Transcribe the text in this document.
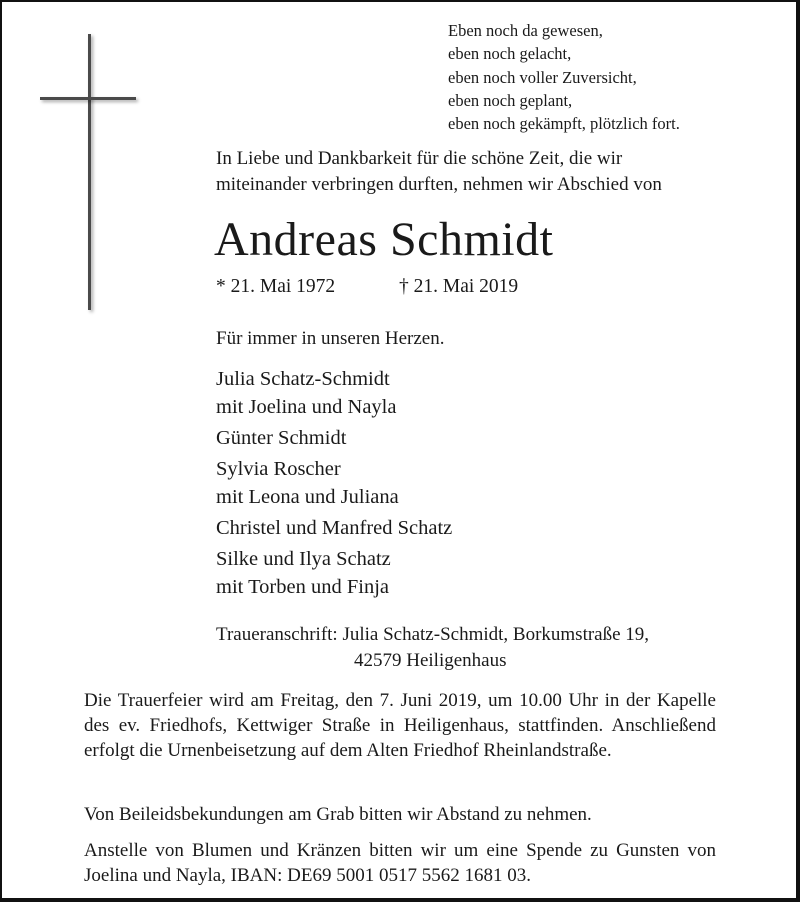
Eben noch da gewesen,
eben noch gelacht,
eben noch voller Zuversicht,
eben noch geplant,
eben noch gekämpft, plötzlich fort.
In Liebe und Dankbarkeit für die schöne Zeit, die wir
miteinander verbringen durften, nehmen wir Abschied von
Andreas Schmidt
* 21. Mai 1972	† 21. Mai 2019
Für immer in unseren Herzen.
Julia Schatz-Schmidt
mit Joelina und Nayla
Günter Schmidt
Sylvia Roscher
mit Leona und Juliana
Christel und Manfred Schatz
Silke und Ilya Schatz
mit Torben und Finja
Traueranschrift: Julia Schatz-Schmidt, Borkumstraße 19,
42579 Heiligenhaus
Die Trauerfeier wird am Freitag, den 7. Juni 2019, um 10.00 Uhr in der Kapelle des ev. Friedhofs, Kettwiger Straße in Heiligenhaus, stattfinden. Anschließend erfolgt die Urnenbeisetzung auf dem Alten Friedhof Rheinlandstraße.
Von Beileidsbekundungen am Grab bitten wir Abstand zu nehmen.
Anstelle von Blumen und Kränzen bitten wir um eine Spende zu Gunsten von Joelina und Nayla, IBAN: DE69 5001 0517 5562 1681 03.
